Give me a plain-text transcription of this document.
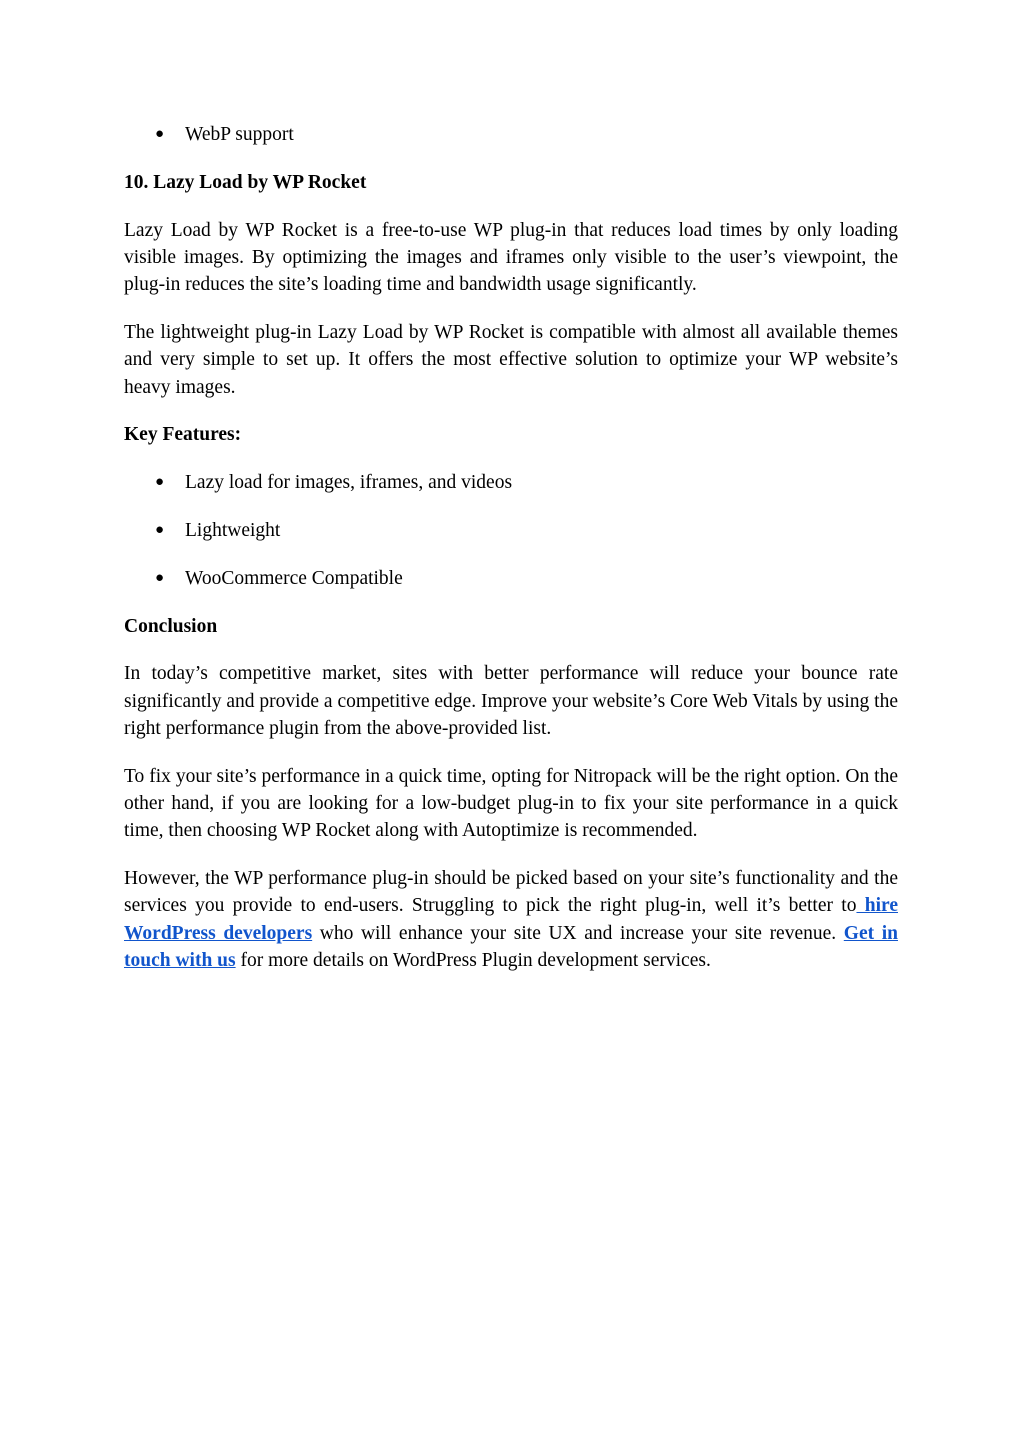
● WebP support
10. Lazy Load by WP Rocket

Lazy Load by WP Rocket is a free-to-use WP plug-in that reduces load times by only loading visible images. By optimizing the images and iframes only visible to the user’s viewpoint, the plug-in reduces the site’s loading time and bandwidth usage significantly.

The lightweight plug-in Lazy Load by WP Rocket is compatible with almost all available themes and very simple to set up. It offers the most effective solution to optimize your WP website’s heavy images.

Key Features:
● Lazy load for images, iframes, and videos
● Lightweight
● WooCommerce Compatible
Conclusion

In today’s competitive market, sites with better performance will reduce your bounce rate significantly and provide a competitive edge. Improve your website’s Core Web Vitals by using the right performance plugin from the above-provided list.

To fix your site’s performance in a quick time, opting for Nitropack will be the right option. On the other hand, if you are looking for a low-budget plug-in to fix your site performance in a quick time, then choosing WP Rocket along with Autoptimize is recommended.

However, the WP performance plug-in should be picked based on your site’s functionality and the services you provide to end-users. Struggling to pick the right plug-in, well it’s better to hire WordPress developers who will enhance your site UX and increase your site revenue. Get in touch with us for more details on WordPress Plugin development services.
